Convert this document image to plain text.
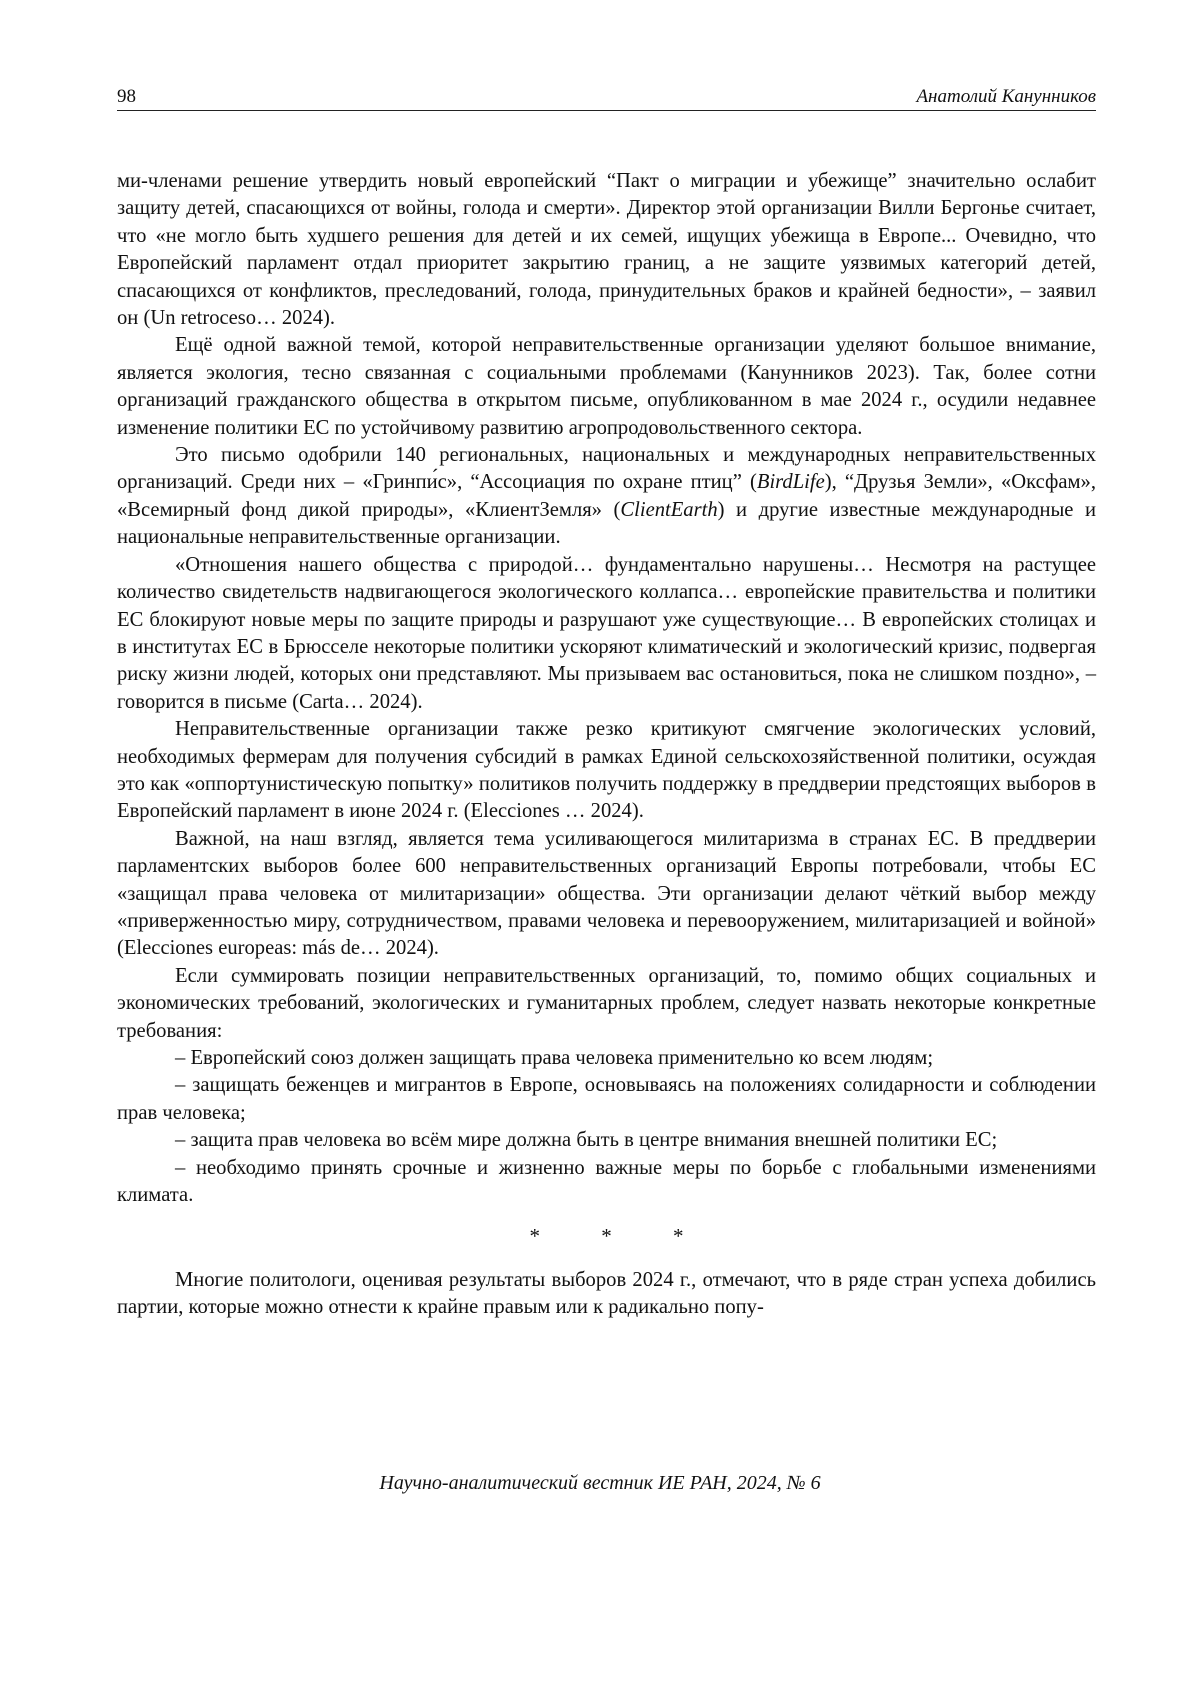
98	Анатолий Канунников

ми-членами решение утвердить новый европейский “Пакт о миграции и убежище” значительно ослабит защиту детей, спасающихся от войны, голода и смерти». Директор этой организации Вилли Бергонье считает, что «не могло быть худшего решения для детей и их семей, ищущих убежища в Европе... Очевидно, что Европейский парламент отдал приоритет закрытию границ, а не защите уязвимых категорий детей, спасающихся от конфликтов, преследований, голода, принудительных браков и крайней бедности», – заявил он (Un retroceso… 2024).

Ещё одной важной темой, которой неправительственные организации уделяют большое внимание, является экология, тесно связанная с социальными проблемами (Канунников 2023). Так, более сотни организаций гражданского общества в открытом письме, опубликованном в мае 2024 г., осудили недавнее изменение политики ЕС по устойчивому развитию агропродовольственного сектора.

Это письмо одобрили 140 региональных, национальных и международных неправительственных организаций. Среди них – «Гринпи́с», “Ассоциация по охране птиц” (BirdLife), “Друзья Земли», «Оксфам», «Всемирный фонд дикой природы», «КлиентЗемля» (ClientEarth) и другие известные международные и национальные неправительственные организации.

«Отношения нашего общества с природой… фундаментально нарушены… Несмотря на растущее количество свидетельств надвигающегося экологического коллапса… европейские правительства и политики ЕС блокируют новые меры по защите природы и разрушают уже существующие… В европейских столицах и в институтах ЕС в Брюсселе некоторые политики ускоряют климатический и экологический кризис, подвергая риску жизни людей, которых они представляют. Мы призываем вас остановиться, пока не слишком поздно», – говорится в письме (Carta… 2024).

Неправительственные организации также резко критикуют смягчение экологических условий, необходимых фермерам для получения субсидий в рамках Единой сельскохозяйственной политики, осуждая это как «оппортунистическую попытку» политиков получить поддержку в преддверии предстоящих выборов в Европейский парламент в июне 2024 г. (Elecciones … 2024).

Важной, на наш взгляд, является тема усиливающегося милитаризма в странах ЕС. В преддверии парламентских выборов более 600 неправительственных организаций Европы потребовали, чтобы ЕС «защищал права человека от милитаризации» общества. Эти организации делают чёткий выбор между «приверженностью миру, сотрудничеством, правами человека и перевооружением, милитаризацией и войной» (Elecciones europeas: más de… 2024).

Если суммировать позиции неправительственных организаций, то, помимо общих социальных и экономических требований, экологических и гуманитарных проблем, следует назвать некоторые конкретные требования:

– Европейский союз должен защищать права человека применительно ко всем людям;

– защищать беженцев и мигрантов в Европе, основываясь на положениях солидарности и соблюдении прав человека;

– защита прав человека во всём мире должна быть в центре внимания внешней политики ЕС;

– необходимо принять срочные и жизненно важные меры по борьбе с глобальными изменениями климата.

*	*	*

Многие политологи, оценивая результаты выборов 2024 г., отмечают, что в ряде стран успеха добились партии, которые можно отнести к крайне правым или к радикально попу-

Научно-аналитический вестник ИЕ РАН, 2024, № 6
